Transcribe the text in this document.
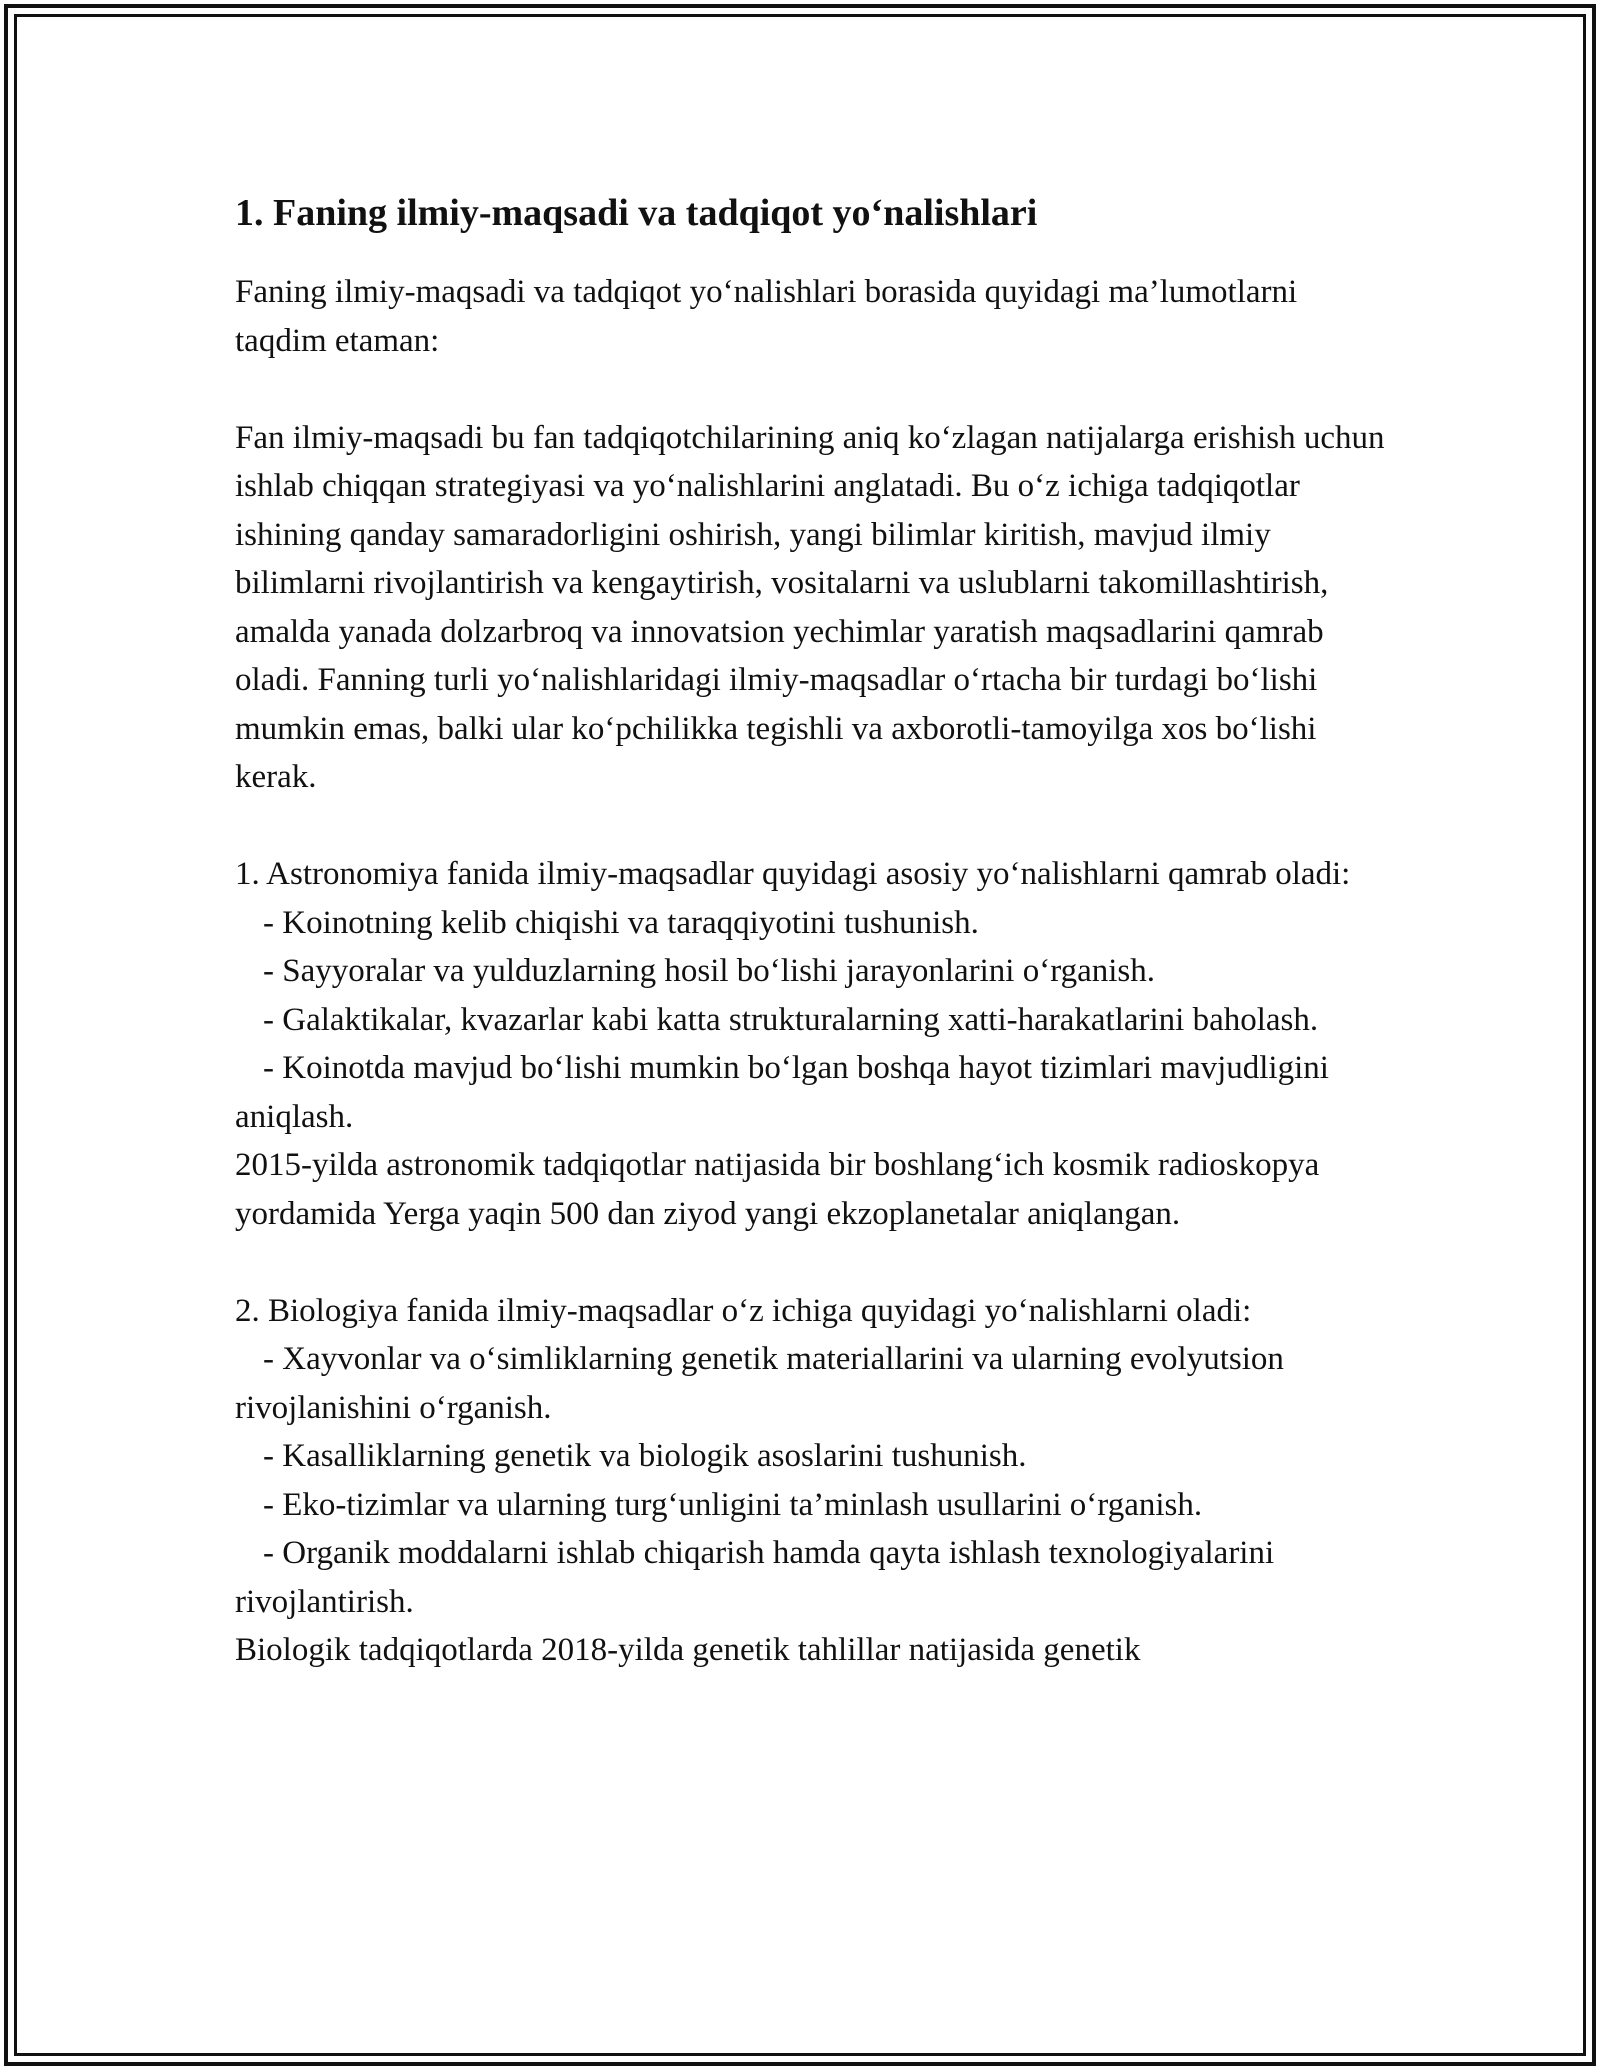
1. Faning ilmiy-maqsadi va tadqiqot yo‘nalishlari

Faning ilmiy-maqsadi va tadqiqot yo‘nalishlari borasida quyidagi ma’lumotlarni taqdim etaman:

Fan ilmiy-maqsadi bu fan tadqiqotchilarining aniq ko‘zlagan natijalarga erishish uchun ishlab chiqqan strategiyasi va yo‘nalishlarini anglatadi. Bu o‘z ichiga tadqiqotlar ishining qanday samaradorligini oshirish, yangi bilimlar kiritish, mavjud ilmiy bilimlarni rivojlantirish va kengaytirish, vositalarni va uslublarni takomillashtirish, amalda yanada dolzarbroq va innovatsion yechimlar yaratish maqsadlarini qamrab oladi. Fanning turli yo‘nalishlaridagi ilmiy-maqsadlar o‘rtacha bir turdagi bo‘lishi mumkin emas, balki ular ko‘pchilikka tegishli va axborotli-tamoyilga xos bo‘lishi kerak.

1. Astronomiya fanida ilmiy-maqsadlar quyidagi asosiy yo‘nalishlarni qamrab oladi:

- Koinotning kelib chiqishi va taraqqiyotini tushunish.

- Sayyoralar va yulduzlarning hosil bo‘lishi jarayonlarini o‘rganish.

- Galaktikalar, kvazarlar kabi katta strukturalarning xatti-harakatlarini baholash.

- Koinotda mavjud bo‘lishi mumkin bo‘lgan boshqa hayot tizimlari mavjudligini aniqlash.

2015-yilda astronomik tadqiqotlar natijasida bir boshlang‘ich kosmik radioskopya yordamida Yerga yaqin 500 dan ziyod yangi ekzoplanetalar aniqlangan.

2. Biologiya fanida ilmiy-maqsadlar o‘z ichiga quyidagi yo‘nalishlarni oladi:

- Xayvonlar va o‘simliklarning genetik materiallarini va ularning evolyutsion rivojlanishini o‘rganish.

- Kasalliklarning genetik va biologik asoslarini tushunish.

- Eko-tizimlar va ularning turg‘unligini ta’minlash usullarini o‘rganish.

- Organik moddalarni ishlab chiqarish hamda qayta ishlash texnologiyalarini rivojlantirish.

Biologik tadqiqotlarda 2018-yilda genetik tahlillar natijasida genetik
